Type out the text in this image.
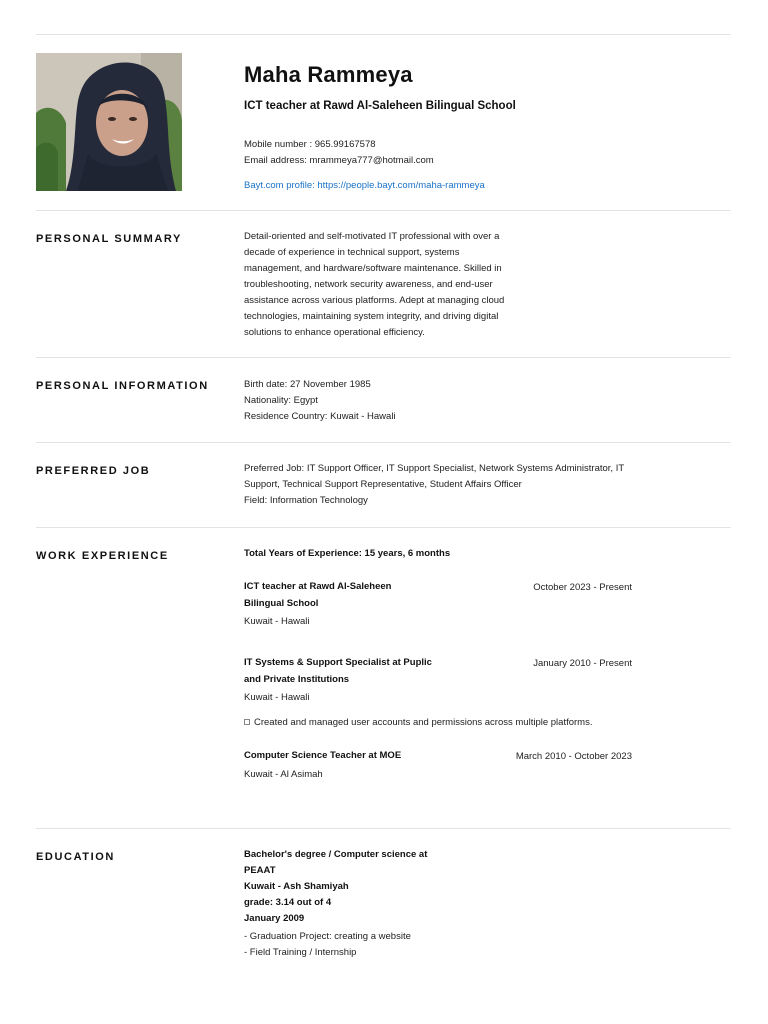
Maha Rammeya
ICT teacher at Rawd Al-Saleheen Bilingual School
Mobile number : 965.99167578
Email address: mrammeya777@hotmail.com
Bayt.com profile: https://people.bayt.com/maha-rammeya
PERSONAL SUMMARY	Detail-oriented and self-motivated IT professional with over a
decade of experience in technical support, systems
management, and hardware/software maintenance. Skilled in
troubleshooting, network security awareness, and end-user
assistance across various platforms. Adept at managing cloud
technologies, maintaining system integrity, and driving digital
solutions to enhance operational efficiency.
PERSONAL INFORMATION	Birth date: 27 November 1985
Nationality: Egypt
Residence Country: Kuwait - Hawali
PREFERRED JOB	Preferred Job: IT Support Officer, IT Support Specialist, Network Systems Administrator, IT
Support, Technical Support Representative, Student Affairs Officer
Field: Information Technology
WORK EXPERIENCE	Total Years of Experience: 15 years, 6 months
ICT teacher at Rawd Al-Saleheen
Bilingual School
October 2023 - Present
Kuwait - Hawali
IT Systems & Support Specialist at Puplic
and Private Institutions
January 2010 - Present
Kuwait - Hawali
Created and managed user accounts and permissions across multiple platforms.
Computer Science Teacher at MOE	March 2010 - October 2023
Kuwait - Al Asimah
EDUCATION	Bachelor's degree / Computer science at
PEAAT
Kuwait - Ash Shamiyah
grade: 3.14 out of 4
January 2009
- Graduation Project: creating a website
- Field Training / Internship
